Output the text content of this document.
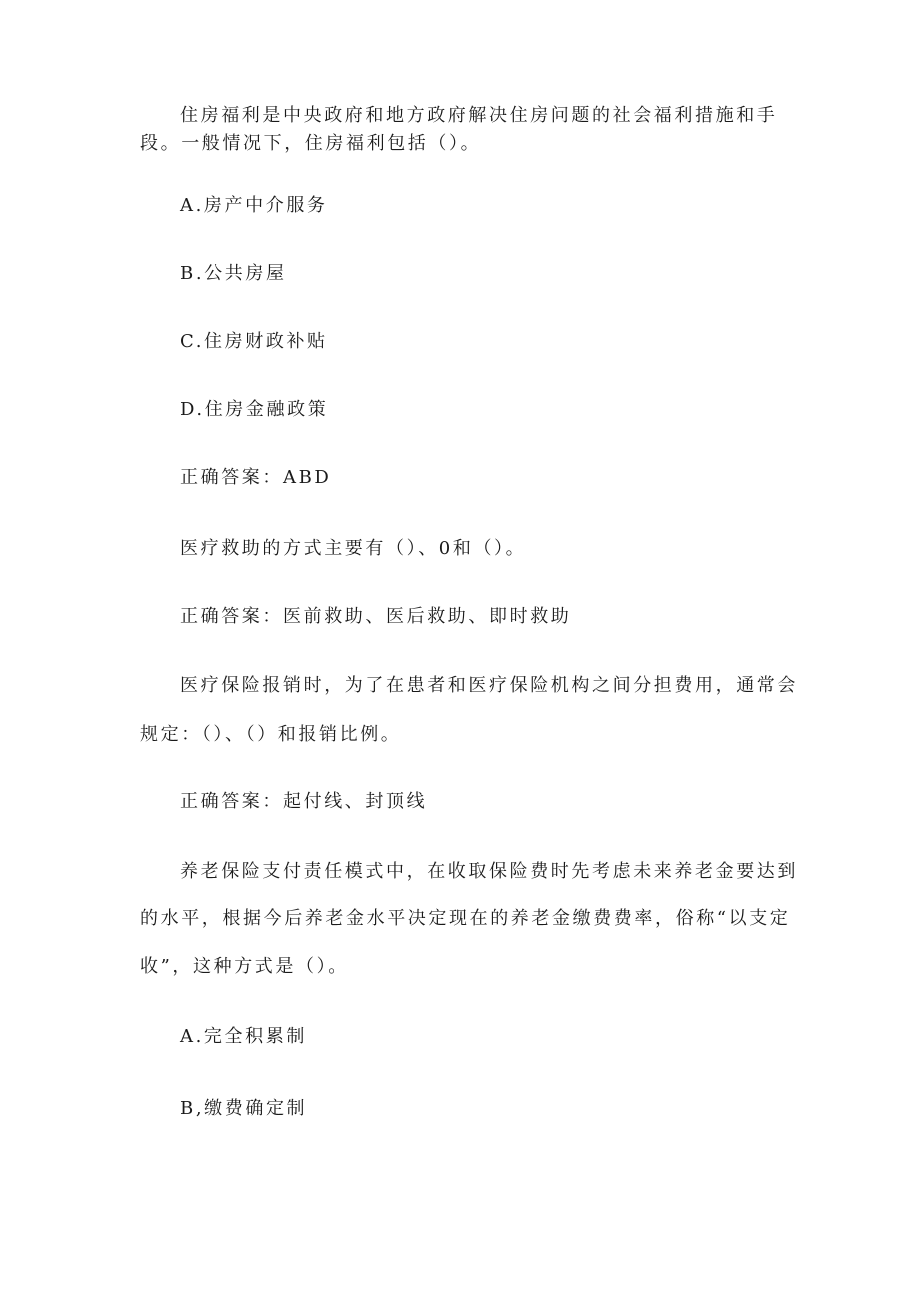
住房福利是中央政府和地方政府解决住房问题的社会福利措施和手

段。一般情况下，住房福利包括（）。

A.房产中介服务

B.公共房屋

C.住房财政补贴

D.住房金融政策

正确答案：ABD

医疗救助的方式主要有（）、0和（）。

正确答案：医前救助、医后救助、即时救助

医疗保险报销时，为了在患者和医疗保险机构之间分担费用，通常会

规定：（）、（）和报销比例。

正确答案：起付线、封顶线

养老保险支付责任模式中，在收取保险费时先考虑未来养老金要达到

的水平，根据今后养老金水平决定现在的养老金缴费费率，俗称“以支定

收”，这种方式是（）。

A.完全积累制

B,缴费确定制
